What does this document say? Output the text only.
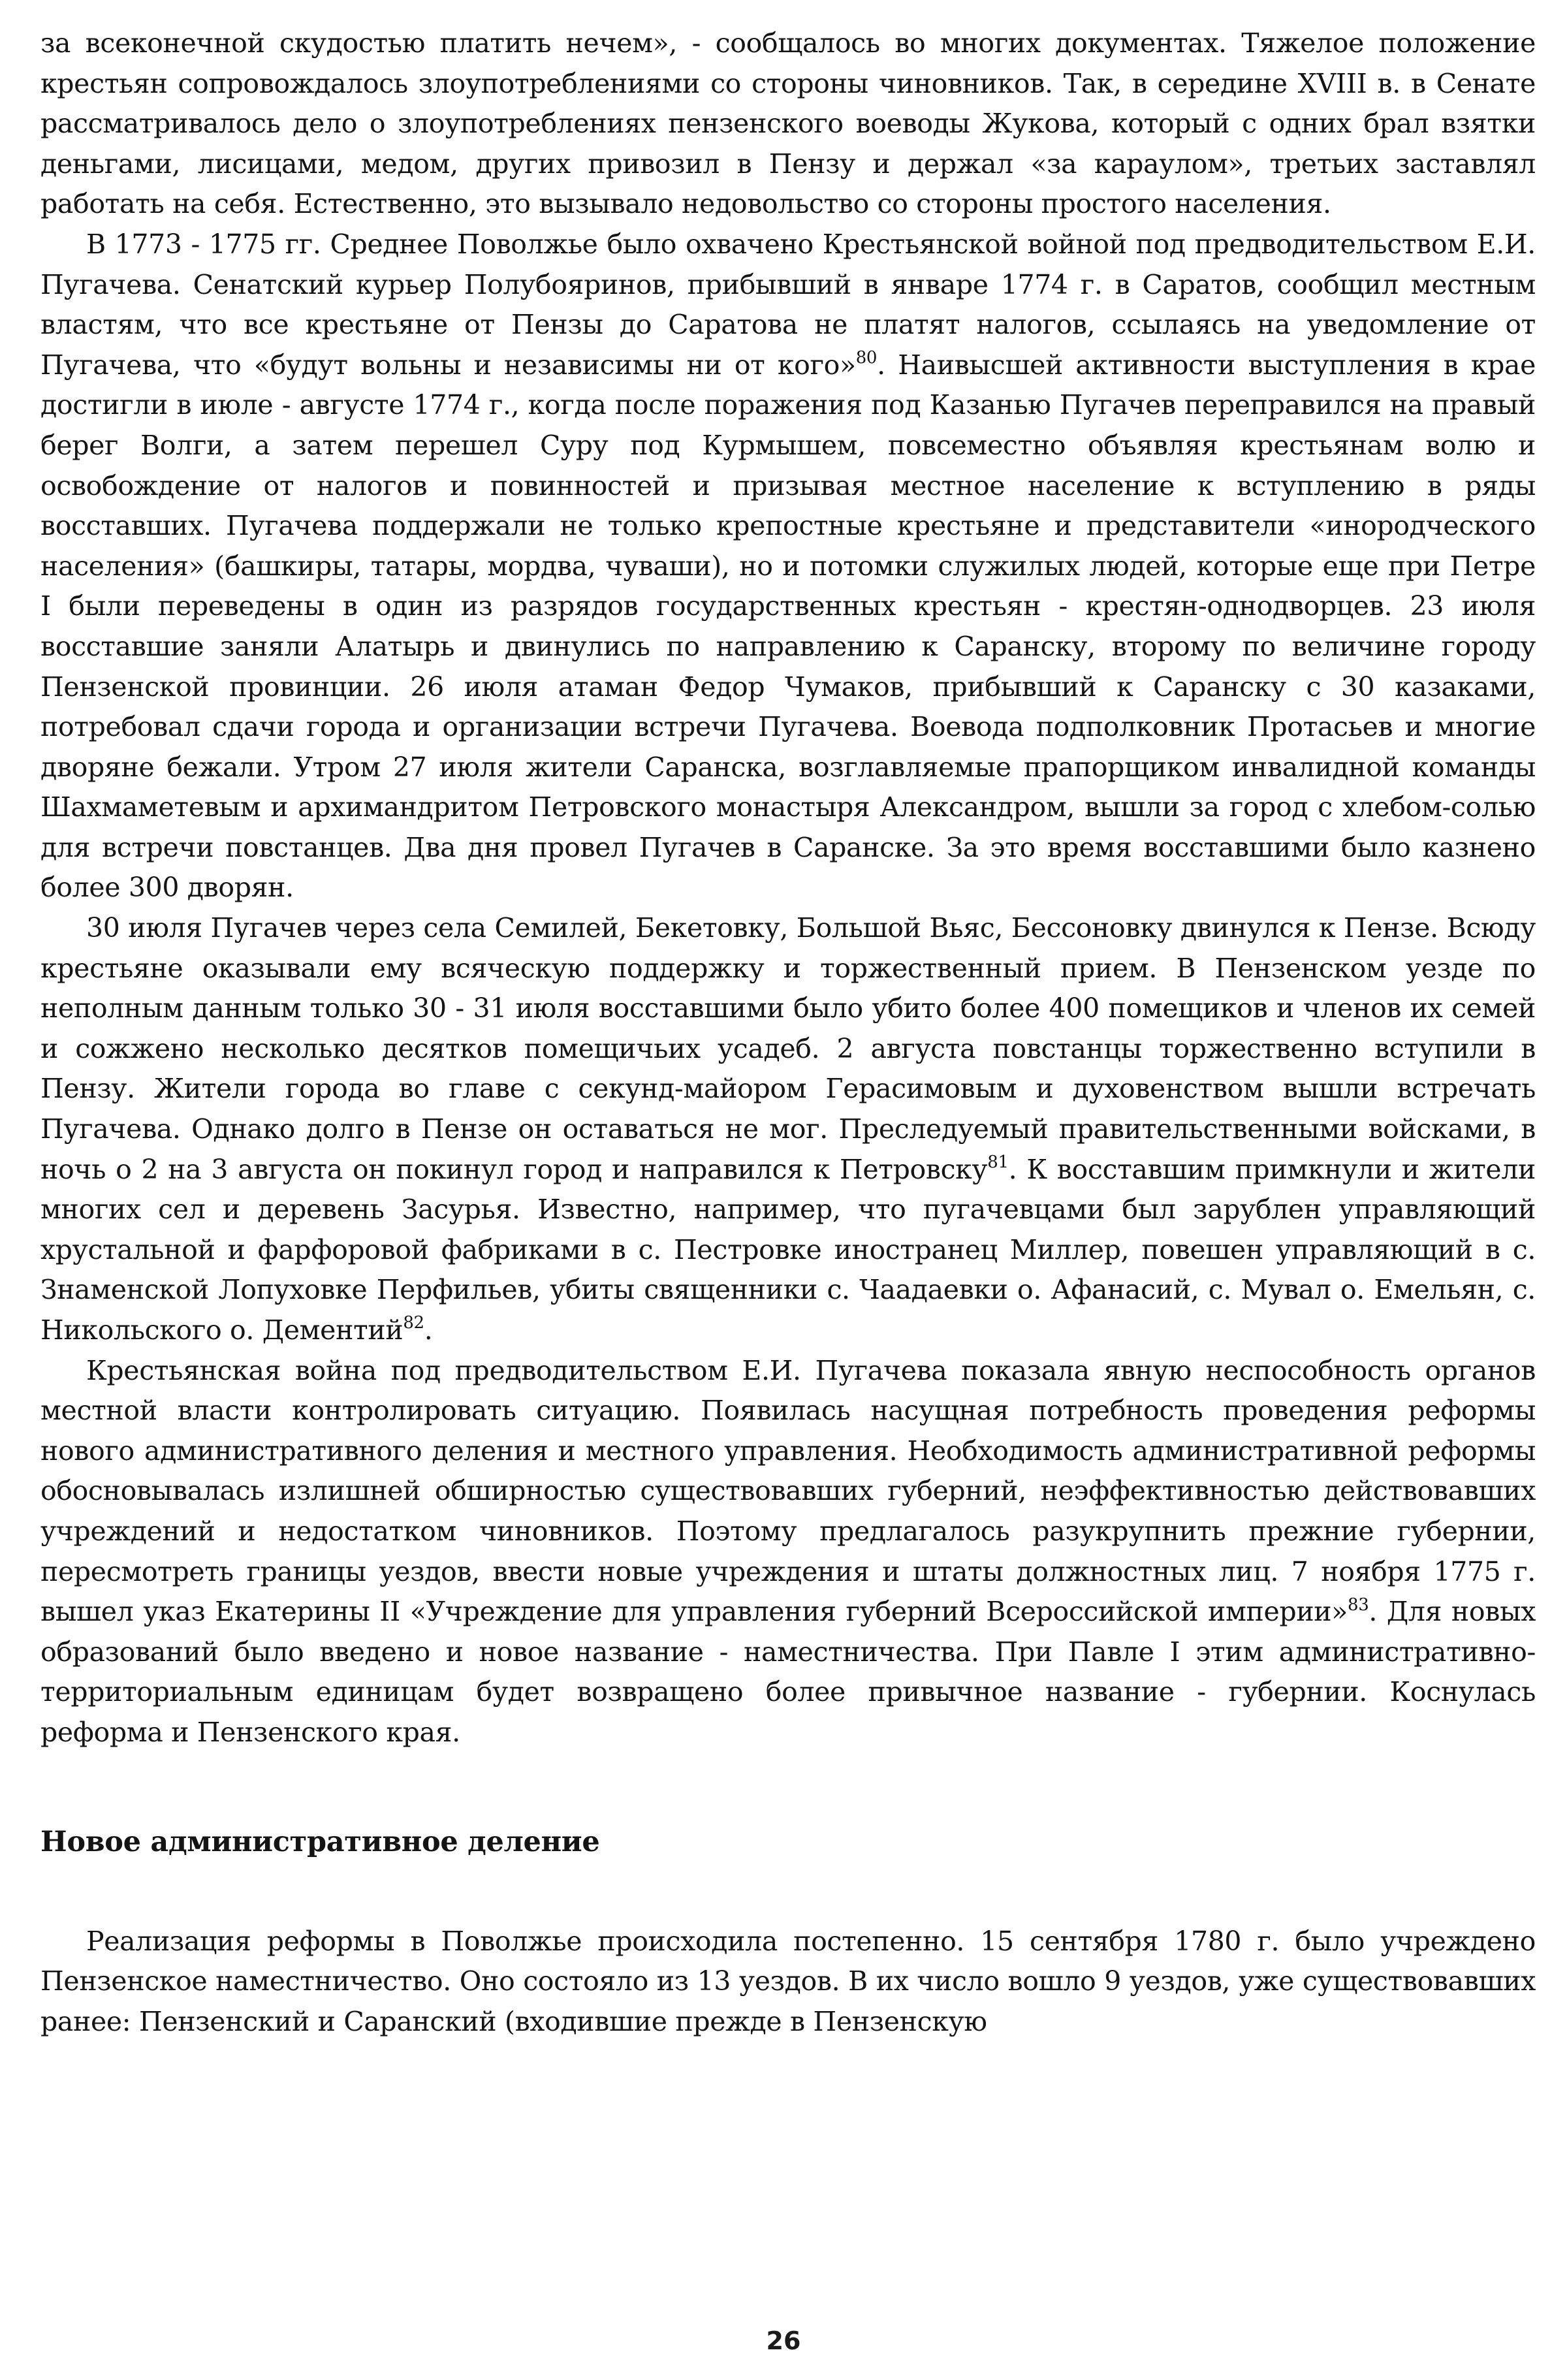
за всеконечной скудостью платить нечем», - сообщалось во многих документах. Тяжелое положение крестьян сопровождалось злоупотреблениями со стороны чиновников. Так, в середине XVIII в. в Сенате рассматривалось дело о злоупотреблениях пензенского воеводы Жукова, который с одних брал взятки деньгами, лисицами, медом, других привозил в Пензу и держал «за караулом», третьих заставлял работать на себя. Естественно, это вызывало недовольство со стороны простого населения.

В 1773 - 1775 гг. Среднее Поволжье было охвачено Крестьянской войной под предводительством Е.И. Пугачева. Сенатский курьер Полубояринов, прибывший в январе 1774 г. в Саратов, сообщил местным властям, что все крестьяне от Пензы до Саратова не платят налогов, ссылаясь на уведомление от Пугачева, что «будут вольны и независимы ни от кого»$^{80}$. Наивысшей активности выступления в крае достигли в июле - августе 1774 г., когда после поражения под Казанью Пугачев переправился на правый берег Волги, а затем перешел Суру под Курмышем, повсеместно объявляя крестьянам волю и освобождение от налогов и повинностей и призывая местное население к вступлению в ряды восставших. Пугачева поддержали не только крепостные крестьяне и представители «инородческого населения» (башкиры, татары, мордва, чуваши), но и потомки служилых людей, которые еще при Петре I были переведены в один из разрядов государственных крестьян - крестян-однодворцев. 23 июля восставшие заняли Алатырь и двинулись по направлению к Саранску, второму по величине городу Пензенской провинции. 26 июля атаман Федор Чумаков, прибывший к Саранску с 30 казаками, потребовал сдачи города и организации встречи Пугачева. Воевода подполковник Протасьев и многие дворяне бежали. Утром 27 июля жители Саранска, возглавляемые прапорщиком инвалидной команды Шахмаметевым и архимандритом Петровского монастыря Александром, вышли за город с хлебом-солью для встречи повстанцев. Два дня провел Пугачев в Саранске. За это время восставшими было казнено более 300 дворян.

30 июля Пугачев через села Семилей, Бекетовку, Большой Вьяс, Бессоновку двинулся к Пензе. Всюду крестьяне оказывали ему всяческую поддержку и торжественный прием. В Пензенском уезде по неполным данным только 30 - 31 июля восставшими было убито более 400 помещиков и членов их семей и сожжено несколько десятков помещичьих усадеб. 2 августа повстанцы торжественно вступили в Пензу. Жители города во главе с секунд-майором Герасимовым и духовенством вышли встречать Пугачева. Однако долго в Пензе он оставаться не мог. Преследуемый правительственными войсками, в ночь о 2 на 3 августа он покинул город и направился к Петровску$^{81}$. К восставшим примкнули и жители многих сел и деревень Засурья. Известно, например, что пугачевцами был зарублен управляющий хрустальной и фарфоровой фабриками в с. Пестровке иностранец Миллер, повешен управляющий в с. Знаменской Лопуховке Перфильев, убиты священники с. Чаадаевки о. Афанасий, с. Мувал о. Емельян, с. Никольского о. Дементий$^{82}$.

Крестьянская война под предводительством Е.И. Пугачева показала явную неспособность органов местной власти контролировать ситуацию. Появилась насущная потребность проведения реформы нового административного деления и местного управления. Необходимость административной реформы обосновывалась излишней обширностью существовавших губерний, неэффективностью действовавших учреждений и недостатком чиновников. Поэтому предлагалось разукрупнить прежние губернии, пересмотреть границы уездов, ввести новые учреждения и штаты должностных лиц. 7 ноября 1775 г. вышел указ Екатерины II «Учреждение для управления губерний Всероссийской империи»$^{83}$. Для новых образований было введено и новое название - наместничества. При Павле I этим административно-территориальным единицам будет возвращено более привычное название - губернии. Коснулась реформа и Пензенского края.

Новое административное деление

Реализация реформы в Поволжье происходила постепенно. 15 сентября 1780 г. было учреждено Пензенское наместничество. Оно состояло из 13 уездов. В их число вошло 9 уездов, уже существовавших ранее: Пензенский и Саранский (входившие прежде в Пензенскую

26
